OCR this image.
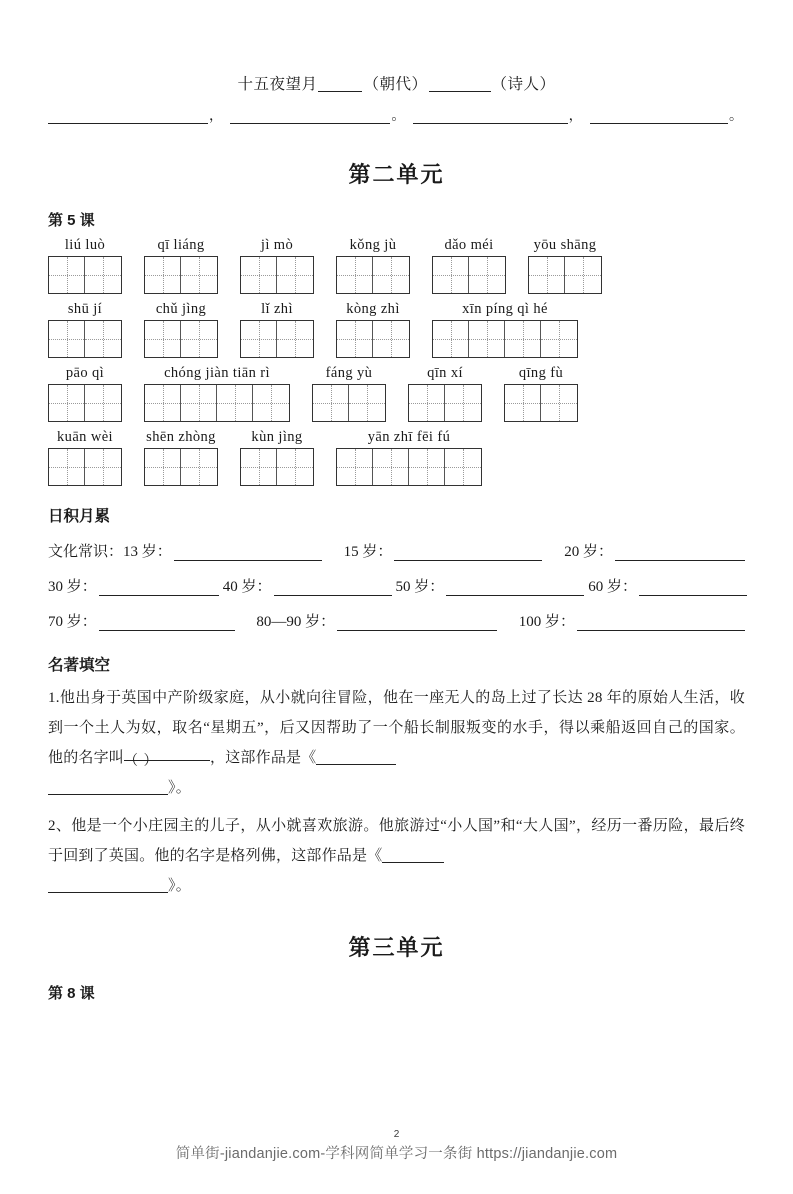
十五夜望月	（朝代）	（诗人）
，	。	，	。
第二单元
第 5 课
liú luò	qī liáng	jì mò	kǒng jù	dǎo méi	yōu shāng
shū jí	chǔ jìng	lǐ zhì	kòng zhì	xīn píng qì hé
pāo qì	chóng jiàn tiān rì	fáng yù	qīn xí	qīng fù
kuān wèi	shēn zhòng	kùn jìng	yān zhī fēi fú
日积月累
文化常识：13 岁：	15 岁：	20 岁：
30 岁：	40 岁：	50 岁：	60 岁：
70 岁：	80—90 岁：	100 岁：
名著填空
1.他出身于英国中产阶级家庭，从小就向往冒险，他在一座无人的岛上过了长达 28 年的原始人生活，收到一个土人为奴，取名“星期五”，后又因帮助了一个船长制服叛变的水手，得以乘船返回自己的国家。他的名字叫（ ）	，这部作品是《
》。
2、他是一个小庄园主的儿子，从小就喜欢旅游。他旅游过“小人国”和“大人国”，经历一番历险，最后终于回到了英国。他的名字是格列佛，这部作品是《
》。
第三单元
第 8 课
2
简单街-jiandanjie.com-学科网简单学习一条街 https://jiandanjie.com
